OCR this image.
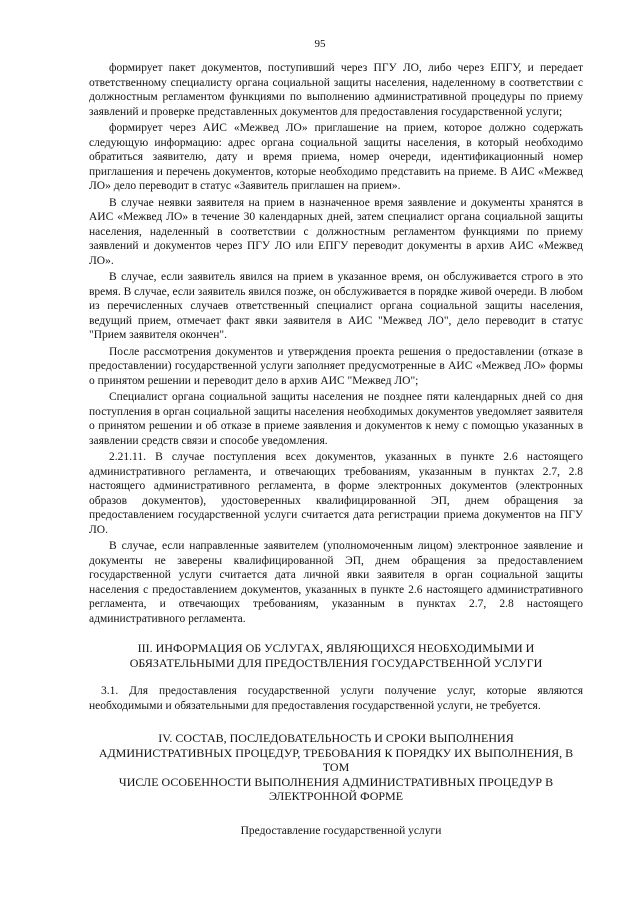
95

формирует пакет документов, поступивший через ПГУ ЛО, либо через ЕПГУ, и передает ответственному специалисту органа социальной защиты населения, наделенному в соответствии с должностным регламентом функциями по выполнению административной процедуры по приему заявлений и проверке представленных документов для предоставления государственной услуги;

формирует через АИС «Межвед ЛО» приглашение на прием, которое должно содержать следующую информацию: адрес органа социальной защиты населения, в который необходимо обратиться заявителю, дату и время приема, номер очереди, идентификационный номер приглашения и перечень документов, которые необходимо представить на приеме. В АИС «Межвед ЛО» дело переводит в статус «Заявитель приглашен на прием».

В случае неявки заявителя на прием в назначенное время заявление и документы хранятся в АИС «Межвед ЛО» в течение 30 календарных дней, затем специалист органа социальной защиты населения, наделенный в соответствии с должностным регламентом функциями по приему заявлений и документов через ПГУ ЛО или ЕПГУ переводит документы в архив АИС «Межвед ЛО».

В случае, если заявитель явился на прием в указанное время, он обслуживается строго в это время. В случае, если заявитель явился позже, он обслуживается в порядке живой очереди. В любом из перечисленных случаев ответственный специалист органа социальной защиты населения, ведущий прием, отмечает факт явки заявителя в АИС "Межвед ЛО", дело переводит в статус "Прием заявителя окончен".

После рассмотрения документов и утверждения проекта решения о предоставлении (отказе в предоставлении) государственной услуги заполняет предусмотренные в АИС «Межвед ЛО» формы о принятом решении и переводит дело в архив АИС "Межвед ЛО";

Специалист органа социальной защиты населения не позднее пяти календарных дней со дня поступления в орган социальной защиты населения необходимых документов уведомляет заявителя о принятом решении и об отказе в приеме заявления и документов к нему с помощью указанных в заявлении средств связи и способе уведомления.

2.21.11. В случае поступления всех документов, указанных в пункте 2.6 настоящего административного регламента, и отвечающих требованиям, указанным в пунктах 2.7, 2.8 настоящего административного регламента, в форме электронных документов (электронных образов документов), удостоверенных квалифицированной ЭП, днем обращения за предоставлением государственной услуги считается дата регистрации приема документов на ПГУ ЛО.

В случае, если направленные заявителем (уполномоченным лицом) электронное заявление и документы не заверены квалифицированной ЭП, днем обращения за предоставлением государственной услуги считается дата личной явки заявителя в орган социальной защиты населения с предоставлением документов, указанных в пункте 2.6 настоящего административного регламента, и отвечающих требованиям, указанным в пунктах 2.7, 2.8 настоящего административного регламента.

III. ИНФОРМАЦИЯ ОБ УСЛУГАХ, ЯВЛЯЮЩИХСЯ НЕОБХОДИМЫМИ И
ОБЯЗАТЕЛЬНЫМИ ДЛЯ ПРЕДОСТВЛЕНИЯ ГОСУДАРСТВЕННОЙ УСЛУГИ

3.1. Для предоставления государственной услуги получение услуг, которые являются необходимыми и обязательными для предоставления государственной услуги, не требуется.

IV. СОСТАВ, ПОСЛЕДОВАТЕЛЬНОСТЬ И СРОКИ ВЫПОЛНЕНИЯ
АДМИНИСТРАТИВНЫХ ПРОЦЕДУР, ТРЕБОВАНИЯ К ПОРЯДКУ ИХ ВЫПОЛНЕНИЯ, В ТОМ
ЧИСЛЕ ОСОБЕННОСТИ ВЫПОЛНЕНИЯ АДМИНИСТРАТИВНЫХ ПРОЦЕДУР В
ЭЛЕКТРОННОЙ ФОРМЕ
Предоставление государственной услуги
